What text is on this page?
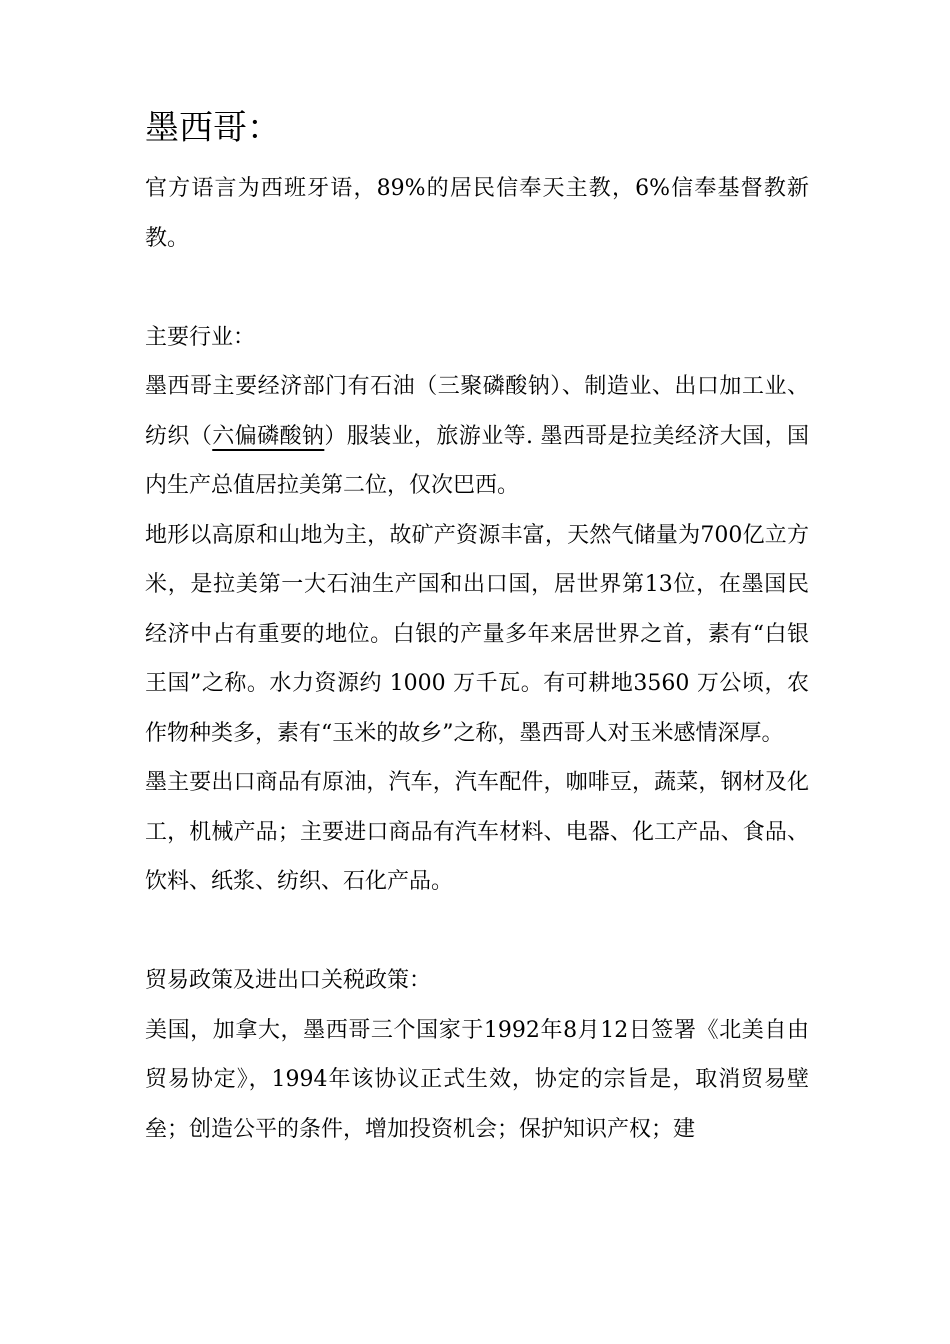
墨西哥：

官方语言为西班牙语，89%的居民信奉天主教，6%信奉基督教新教。

主要行业：

墨西哥主要经济部门有石油（三聚磷酸钠）、制造业、出口加工业、纺织（六偏磷酸钠）服装业，旅游业等. 墨西哥是拉美经济大国，国内生产总值居拉美第二位，仅次巴西。

地形以高原和山地为主，故矿产资源丰富，天然气储量为700亿立方米，是拉美第一大石油生产国和出口国，居世界第13位，在墨国民经济中占有重要的地位。白银的产量多年来居世界之首，素有“白银王国”之称。水力资源约 1000 万千瓦。有可耕地3560 万公顷，农作物种类多，素有“玉米的故乡”之称，墨西哥人对玉米感情深厚。

墨主要出口商品有原油，汽车，汽车配件，咖啡豆，蔬菜，钢材及化工，机械产品；主要进口商品有汽车材料、电器、化工产品、食品、饮料、纸浆、纺织、石化产品。

贸易政策及进出口关税政策：

美国，加拿大，墨西哥三个国家于1992年8月12日签署《北美自由贸易协定》，1994年该协议正式生效，协定的宗旨是，取消贸易壁垒；创造公平的条件，增加投资机会；保护知识产权；建
